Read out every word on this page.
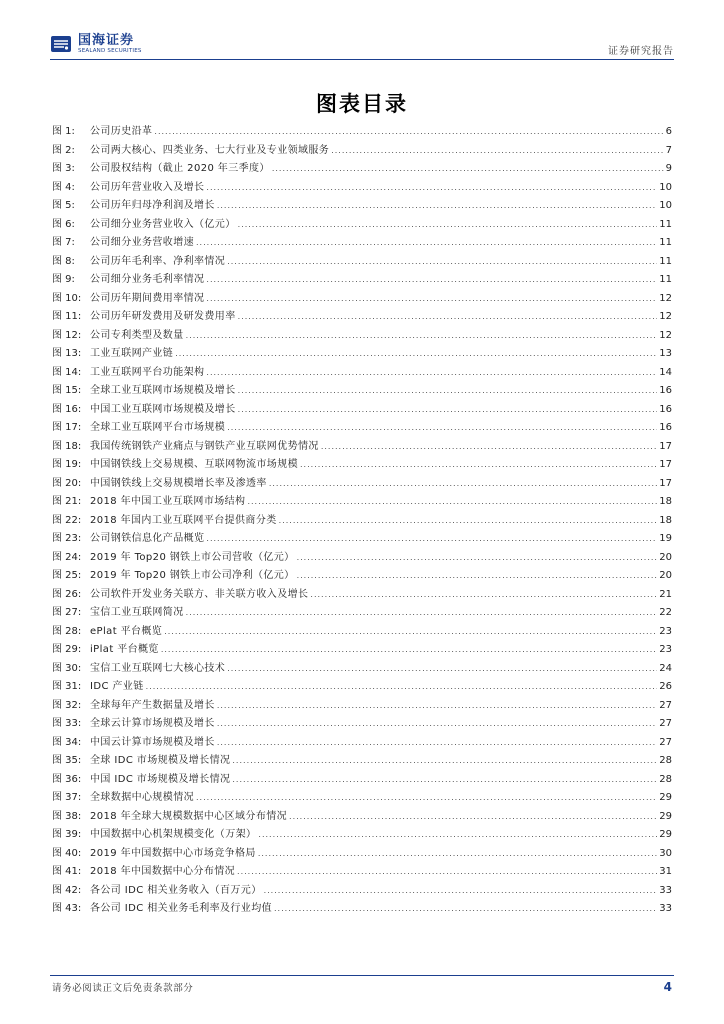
国海证券
SEALAND SECURITIES	证券研究报告
图表目录
图 1:	公司历史沿革 .....	6
图 2:	公司两大核心、四类业务、七大行业及专业领域服务 .....	7
图 3:	公司股权结构（截止 2020 年三季度） .....	9
图 4:	公司历年营业收入及增长 .....	10
图 5:	公司历年归母净利润及增长 .....	10
图 6:	公司细分业务营业收入（亿元） .....	11
图 7:	公司细分业务营收增速 .....	11
图 8:	公司历年毛利率、净利率情况 .....	11
图 9:	公司细分业务毛利率情况 .....	11
图 10: 公司历年期间费用率情况 .....	12
图 11: 公司历年研发费用及研发费用率 .....	12
图 12: 公司专利类型及数量 .....	12
图 13: 工业互联网产业链 .....	13
图 14: 工业互联网平台功能架构 .....	14
图 15: 全球工业互联网市场规模及增长 .....	16
图 16: 中国工业互联网市场规模及增长 .....	16
图 17: 全球工业互联网平台市场规模 .....	16
图 18: 我国传统钢铁产业痛点与钢铁产业互联网优势情况 .....	17
图 19: 中国钢铁线上交易规模、互联网物流市场规模 .....	17
图 20: 中国钢铁线上交易规模增长率及渗透率 .....	17
图 21: 2018 年中国工业互联网市场结构 .....	18
图 22: 2018 年国内工业互联网平台提供商分类 .....	18
图 23: 公司钢铁信息化产品概览 .....	19
图 24: 2019 年 Top20 钢铁上市公司营收（亿元） .....	20
图 25: 2019 年 Top20 钢铁上市公司净利（亿元） .....	20
图 26: 公司软件开发业务关联方、非关联方收入及增长 .....	21
图 27: 宝信工业互联网简况 .....	22
图 28: ePlat 平台概览 .....	23
图 29: iPlat 平台概览 .....	23
图 30: 宝信工业互联网七大核心技术 .....	24
图 31: IDC 产业链 .....	26
图 32: 全球每年产生数据量及增长 .....	27
图 33: 全球云计算市场规模及增长 .....	27
图 34: 中国云计算市场规模及增长 .....	27
图 35: 全球 IDC 市场规模及增长情况 .....	28
图 36: 中国 IDC 市场规模及增长情况 .....	28
图 37: 全球数据中心规模情况 .....	29
图 38: 2018 年全球大规模数据中心区域分布情况 .....	29
图 39: 中国数据中心机架规模变化（万架） .....	29
图 40: 2019 年中国数据中心市场竞争格局 .....	30
图 41: 2018 年中国数据中心分布情况 .....	31
图 42: 各公司 IDC 相关业务收入（百万元） .....	33
图 43: 各公司 IDC 相关业务毛利率及行业均值 .....	33
请务必阅读正文后免责条款部分	4
